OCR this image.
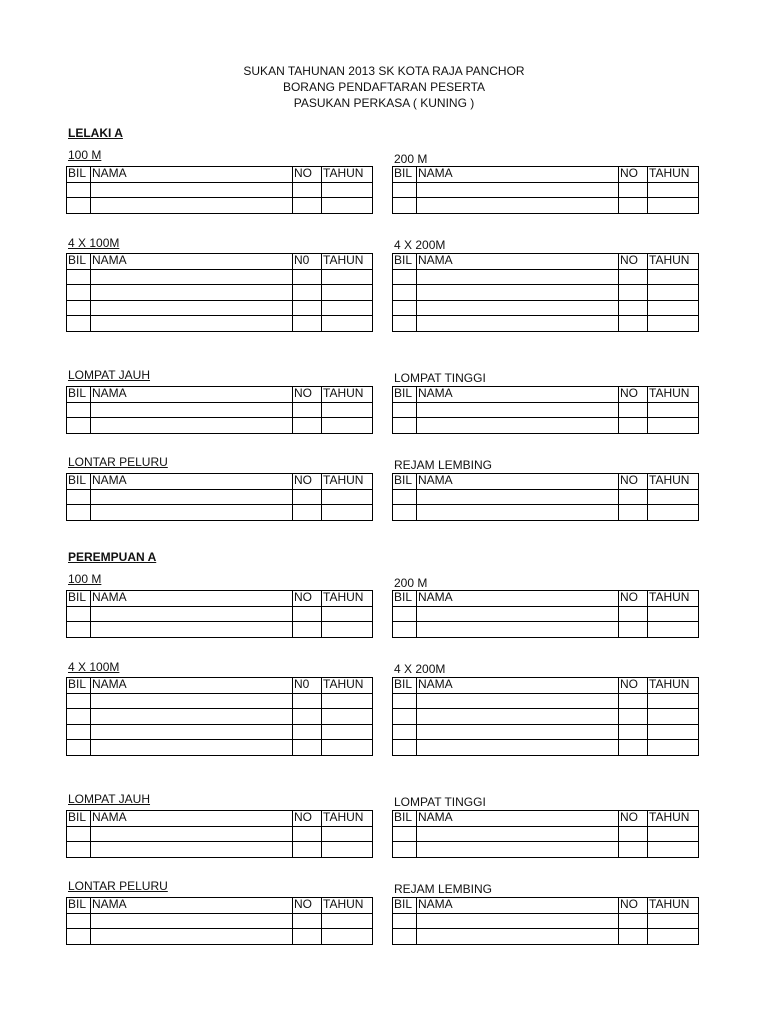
SUKAN TAHUNAN 2013 SK KOTA RAJA PANCHOR
BORANG PENDAFTARAN PESERTA
PASUKAN PERKASA ( KUNING )
LELAKI A
100 M
BIL	NAMA	NO	TAHUN

200 M
BIL	NAMA	NO	TAHUN

4 X 100M
BIL	NAMA	N0	TAHUN

4 X 200M
BIL	NAMA	NO	TAHUN

LOMPAT JAUH
BIL	NAMA	NO	TAHUN

LOMPAT TINGGI
BIL	NAMA	NO	TAHUN

LONTAR PELURU
BIL	NAMA	NO	TAHUN

REJAM LEMBING
BIL	NAMA	NO	TAHUN

PEREMPUAN A
100 M
BIL	NAMA	NO	TAHUN

200 M
BIL	NAMA	NO	TAHUN

4 X 100M
BIL	NAMA	N0	TAHUN

4 X 200M
BIL	NAMA	NO	TAHUN

LOMPAT JAUH
BIL	NAMA	NO	TAHUN

LOMPAT TINGGI
BIL	NAMA	NO	TAHUN

LONTAR PELURU
BIL	NAMA	NO	TAHUN

REJAM LEMBING
BIL	NAMA	NO	TAHUN
